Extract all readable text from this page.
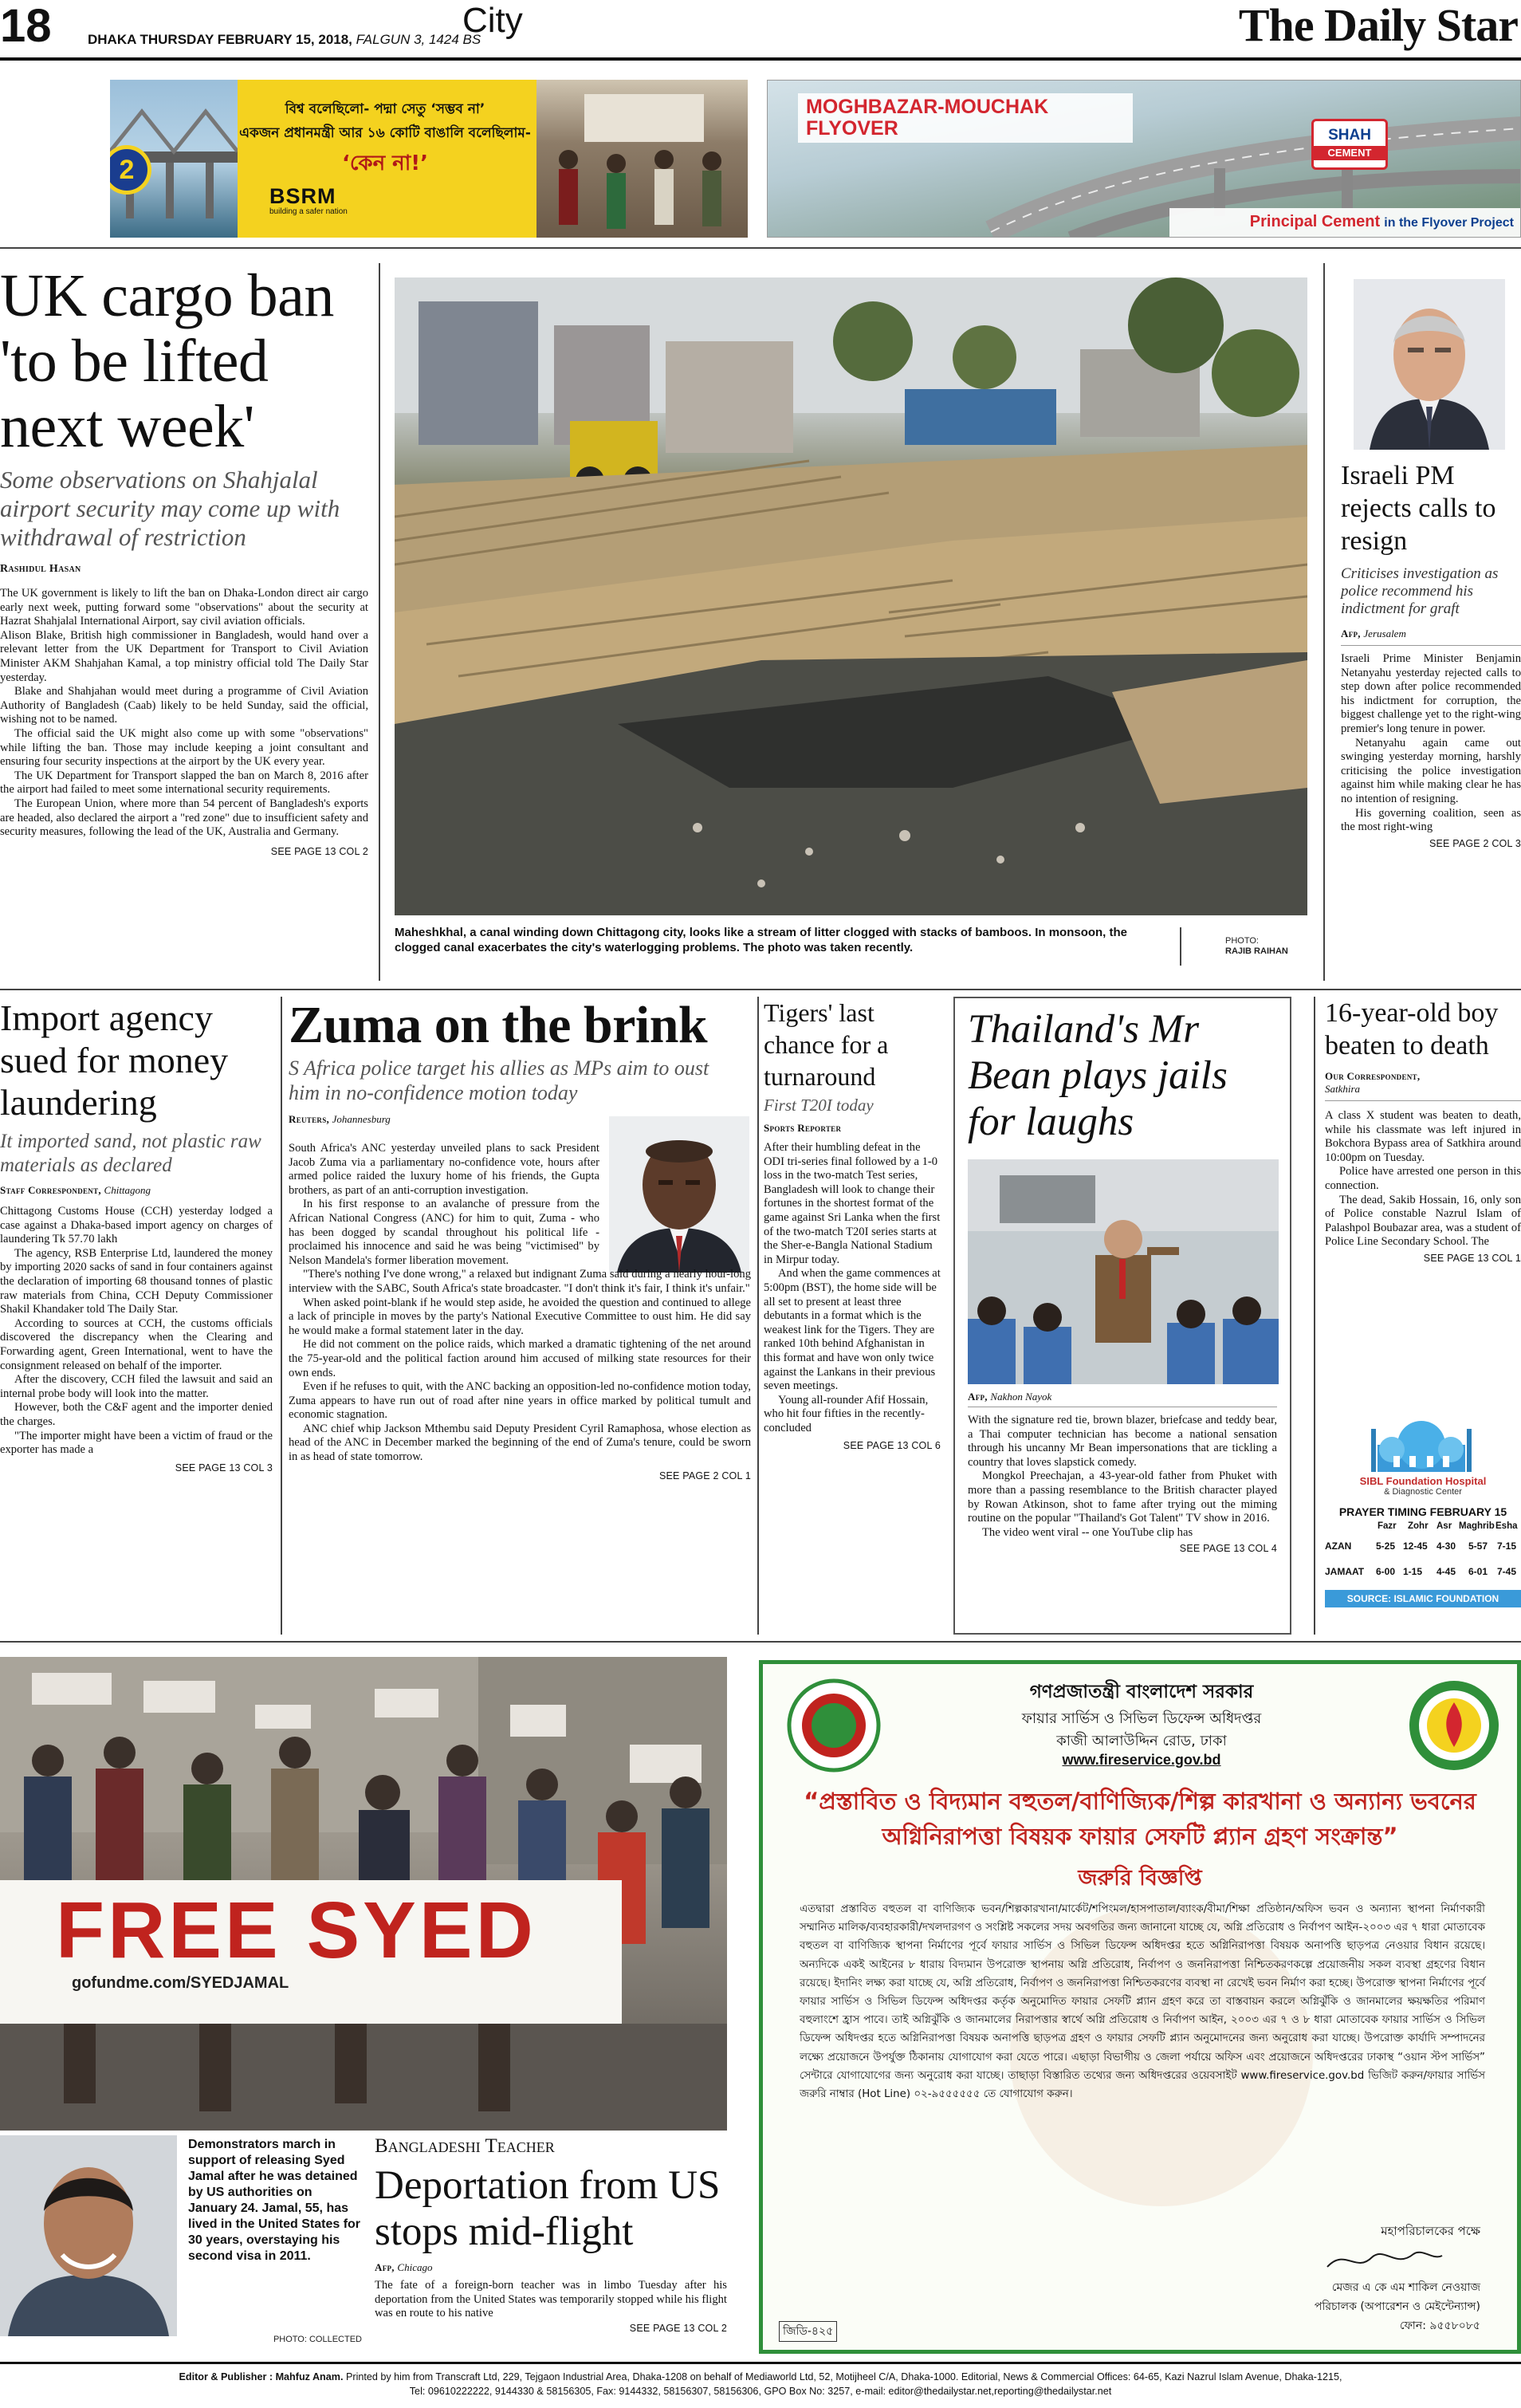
18	DHAKA THURSDAY FEBRUARY 15, 2018, FALGUN 3, 1424 BS
City	The Daily Star
2
বিশ্ব বলেছিলো- পদ্মা সেতু ‘সম্ভব না’
একজন প্রধানমন্ত্রী আর ১৬ কোটি বাঙালি বলেছিলাম-
‘কেন না!’
BSRM
building a safer nation
MOGHBAZAR-MOUCHAK FLYOVER	SHAH
CEMENT
Principal Cement in the Flyover Project
UK cargo ban 'to be lifted next week'
Some observations on Shahjalal airport security may come up with withdrawal of restriction
Rashidul Hasan

The UK government is likely to lift the ban on Dhaka-London direct air cargo early next week, putting forward some "observations" about the security at Hazrat Shahjalal International Airport, say civil aviation officials.

Alison Blake, British high commissioner in Bangladesh, would hand over a relevant letter from the UK Department for Transport to Civil Aviation Minister AKM Shahjahan Kamal, a top ministry official told The Daily Star yesterday.

Blake and Shahjahan would meet during a programme of Civil Aviation Authority of Bangladesh (Caab) likely to be held Sunday, said the official, wishing not to be named.

The official said the UK might also come up with some "observations" while lifting the ban. Those may include keeping a joint consultant and ensuring four security inspections at the airport by the UK every year.

The UK Department for Transport slapped the ban on March 8, 2016 after the airport had failed to meet some international security requirements.

The European Union, where more than 54 percent of Bangladesh's exports are headed, also declared the airport a "red zone" due to insufficient safety and security measures, following the lead of the UK, Australia and Germany.

SEE PAGE 13 COL 2
Maheshkhal, a canal winding down Chittagong city, looks like a stream of litter clogged with stacks of bamboos. In monsoon, the clogged canal exacerbates the city's waterlogging problems. The photo was taken recently.	PHOTO:
RAJIB RAIHAN
Israeli PM rejects calls to resign
Criticises investigation as police recommend his indictment for graft
Afp, Jerusalem

Israeli Prime Minister Benjamin Netanyahu yesterday rejected calls to step down after police recommended his indictment for corruption, the biggest challenge yet to the right-wing premier's long tenure in power.

Netanyahu again came out swinging yesterday morning, harshly criticising the police investigation against him while making clear he has no intention of resigning.

His governing coalition, seen as the most right-wing

SEE PAGE 2 COL 3
Import agency sued for money laundering
It imported sand, not plastic raw materials as declared
Staff Correspondent, Chittagong

Chittagong Customs House (CCH) yesterday lodged a case against a Dhaka-based import agency on charges of laundering Tk 57.70 lakh

The agency, RSB Enterprise Ltd, laundered the money by importing 2020 sacks of sand in four containers against the declaration of importing 68 thousand tonnes of plastic raw materials from China, CCH Deputy Commissioner Shakil Khandaker told The Daily Star.

According to sources at CCH, the customs officials discovered the discrepancy when the Clearing and Forwarding agent, Green International, went to have the consignment released on behalf of the importer.

After the discovery, CCH filed the lawsuit and said an internal probe body will look into the matter.

However, both the C&F agent and the importer denied the charges.

"The importer might have been a victim of fraud or the exporter has made a

SEE PAGE 13 COL 3
Zuma on the brink
S Africa police target his allies as MPs aim to oust him in no-confidence motion today
Reuters, Johannesburg

South Africa's ANC yesterday unveiled plans to sack President Jacob Zuma via a parliamentary no-confidence vote, hours after armed police raided the luxury home of his friends, the Gupta brothers, as part of an anti-corruption investigation.

In his first response to an avalanche of pressure from the African National Congress (ANC) for him to quit, Zuma - who has been dogged by scandal throughout his political life - proclaimed his innocence and said he was being "victimised" by Nelson Mandela's former liberation movement.

"There's nothing I've done wrong," a relaxed but indignant Zuma said during a nearly hour-long interview with the SABC, South Africa's state broadcaster. "I don't think it's fair, I think it's unfair."

When asked point-blank if he would step aside, he avoided the question and continued to allege a lack of principle in moves by the party's National Executive Committee to oust him. He did say he would make a formal statement later in the day.

He did not comment on the police raids, which marked a dramatic tightening of the net around the 75-year-old and the political faction around him accused of milking state resources for their own ends.

Even if he refuses to quit, with the ANC backing an opposition-led no-confidence motion today, Zuma appears to have run out of road after nine years in office marked by political tumult and economic stagnation.

ANC chief whip Jackson Mthembu said Deputy President Cyril Ramaphosa, whose election as head of the ANC in December marked the beginning of the end of Zuma's tenure, could be sworn in as head of state tomorrow.

SEE PAGE 2 COL 1
Tigers' last chance for a turnaround
First T20I today
Sports Reporter

After their humbling defeat in the ODI tri-series final followed by a 1-0 loss in the two-match Test series, Bangladesh will look to change their fortunes in the shortest format of the game against Sri Lanka when the first of the two-match T20I series starts at the Sher-e-Bangla National Stadium in Mirpur today.

And when the game commences at 5:00pm (BST), the home side will be all set to present at least three debutants in a format which is the weakest link for the Tigers. They are ranked 10th behind Afghanistan in this format and have won only twice against the Lankans in their previous seven meetings.

Young all-rounder Afif Hossain, who hit four fifties in the recently-concluded

SEE PAGE 13 COL 6
Thailand's Mr Bean plays jails for laughs
Afp, Nakhon Nayok

With the signature red tie, brown blazer, briefcase and teddy bear, a Thai computer technician has become a national sensation through his uncanny Mr Bean impersonations that are tickling a country that loves slapstick comedy.

Mongkol Preechajan, a 43-year-old father from Phuket with more than a passing resemblance to the British character played by Rowan Atkinson, shot to fame after trying out the miming routine on the popular "Thailand's Got Talent" TV show in 2016.

The video went viral -- one YouTube clip has

SEE PAGE 13 COL 4
16-year-old boy beaten to death
Our Correspondent,
Satkhira

A class X student was beaten to death, while his classmate was left injured in Bokchora Bypass area of Satkhira around 10:00pm on Tuesday.

Police have arrested one person in this connection.

The dead, Sakib Hossain, 16, only son of Police constable Nazrul Islam of Palashpol Boubazar area, was a student of Police Line Secondary School. The

SEE PAGE 13 COL 1
SIBL Foundation Hospital
& Diagnostic Center
PRAYER TIMING FEBRUARY 15
Fazr Zohr Asr Maghrib Esha
AZAN	5-25 12-45 4-30 5-57 7-15
JAMAAT 6-00 1-15 4-45 6-01 7-45
SOURCE: ISLAMIC FOUNDATION
FREE SYED
gofundme.com/SYEDJAMAL
Demonstrators march in support of releasing Syed Jamal after he was detained by US authorities on January 24. Jamal, 55, has lived in the United States for 30 years, overstaying his second visa in 2011.
PHOTO: COLLECTED
Bangladeshi Teacher
Deportation from US stops mid-flight
Afp, Chicago

The fate of a foreign-born teacher was in limbo Tuesday after his deportation from the United States was temporarily stopped while his flight was en route to his native

SEE PAGE 13 COL 2
গণপ্রজাতন্ত্রী বাংলাদেশ সরকার
ফায়ার সার্ভিস ও সিভিল ডিফেন্স অধিদপ্তর
কাজী আলাউদ্দিন রোড, ঢাকা
www.fireservice.gov.bd
“প্রস্তাবিত ও বিদ্যমান বহুতল/বাণিজ্যিক/শিল্প কারখানা ও অন্যান্য ভবনের অগ্নিনিরাপত্তা বিষয়ক ফায়ার সেফটি প্ল্যান গ্রহণ সংক্রান্ত”
জরুরি বিজ্ঞপ্তি
এতদ্বারা প্রস্তাবিত বহুতল বা বাণিজ্যিক ভবন/শিল্পকারখানা/মার্কেট/শপিংমল/হাসপাতাল/ব্যাংক/বীমা/শিক্ষা প্রতিষ্ঠান/অফিস ভবন ও অন্যান্য স্থাপনা নির্মাণকারী সম্মানিত মালিক/ব্যবহারকারী/দখলদারগণ ও সংশ্লিষ্ট সকলের সদয় অবগতির জন্য জানানো যাচ্ছে যে, অগ্নি প্রতিরোধ ও নির্বাপণ আইন-২০০৩ এর ৭ ধারা মোতাবেক বহুতল বা বাণিজ্যিক স্থাপনা নির্মাণের পূর্বে ফায়ার সার্ভিস ও সিভিল ডিফেন্স অধিদপ্তর হতে অগ্নিনিরাপত্তা বিষয়ক অনাপত্তি ছাড়পত্র নেওয়ার বিধান রয়েছে। অন্যদিকে একই আইনের ৮ ধারায় বিদ্যমান উপরোক্ত স্থাপনায় অগ্নি প্রতিরোধ, নির্বাপণ ও জননিরাপত্তা নিশ্চিতকরণকল্পে প্রয়োজনীয় সকল ব্যবস্থা গ্রহণের বিধান রয়েছে। ইদানিং লক্ষ্য করা যাচ্ছে যে, অগ্নি প্রতিরোধ, নির্বাপণ ও জননিরাপত্তা নিশ্চিতকরণের ব্যবস্থা না রেখেই ভবন নির্মাণ করা হচ্ছে। উপরোক্ত স্থাপনা নির্মাণের পূর্বে ফায়ার সার্ভিস ও সিভিল ডিফেন্স অধিদপ্তর কর্তৃক অনুমোদিত ফায়ার সেফটি প্ল্যান গ্রহণ করে তা বাস্তবায়ন করলে অগ্নিঝুঁকি ও জানমালের ক্ষয়ক্ষতির পরিমাণ বহুলাংশে হ্রাস পাবে। তাই অগ্নিঝুঁকি ও জানমালের নিরাপত্তার স্বার্থে অগ্নি প্রতিরোধ ও নির্বাপণ আইন, ২০০৩ এর ৭ ও ৮ ধারা মোতাবেক ফায়ার সার্ভিস ও সিভিল ডিফেন্স অধিদপ্তর হতে অগ্নিনিরাপত্তা বিষয়ক অনাপত্তি ছাড়পত্র গ্রহণ ও ফায়ার সেফটি প্ল্যান অনুমোদনের জন্য অনুরোধ করা যাচ্ছে। উপরোক্ত কার্যাদি সম্পাদনের লক্ষ্যে প্রয়োজনে উপর্যুক্ত ঠিকানায় যোগাযোগ করা যেতে পারে। এছাড়া বিভাগীয় ও জেলা পর্যায়ে অফিস এবং প্রয়োজনে অধিদপ্তরের ঢাকাস্থ “ওয়ান স্টপ সার্ভিস” সেন্টারে যোগাযোগের জন্য অনুরোধ করা যাচ্ছে। তাছাড়া বিস্তারিত তথ্যের জন্য অধিদপ্তরের ওয়েবসাইট www.fireservice.gov.bd ভিজিট করুন/ফায়ার সার্ভিস জরুরি নাম্বার (Hot Line) ০২-৯৫৫৫৫৫৫ তে যোগাযোগ করুন।
মহাপরিচালকের পক্ষে
মেজর এ কে এম শাকিল নেওয়াজ
পরিচালক (অপারেশন ও মেইন্টেন্যান্স)
ফোন: ৯৫৫৮০৮৫
জিডি-৪২৫
Editor & Publisher : Mahfuz Anam. Printed by him from Transcraft Ltd, 229, Tejgaon Industrial Area, Dhaka-1208 on behalf of Mediaworld Ltd, 52, Motijheel C/A, Dhaka-1000. Editorial, News & Commercial Offices: 64-65, Kazi Nazrul Islam Avenue, Dhaka-1215,
Tel: 09610222222, 9144330 & 58156305, Fax: 9144332, 58156307, 58156306, GPO Box No: 3257, e-mail: editor@thedailystar.net,reporting@thedailystar.net
